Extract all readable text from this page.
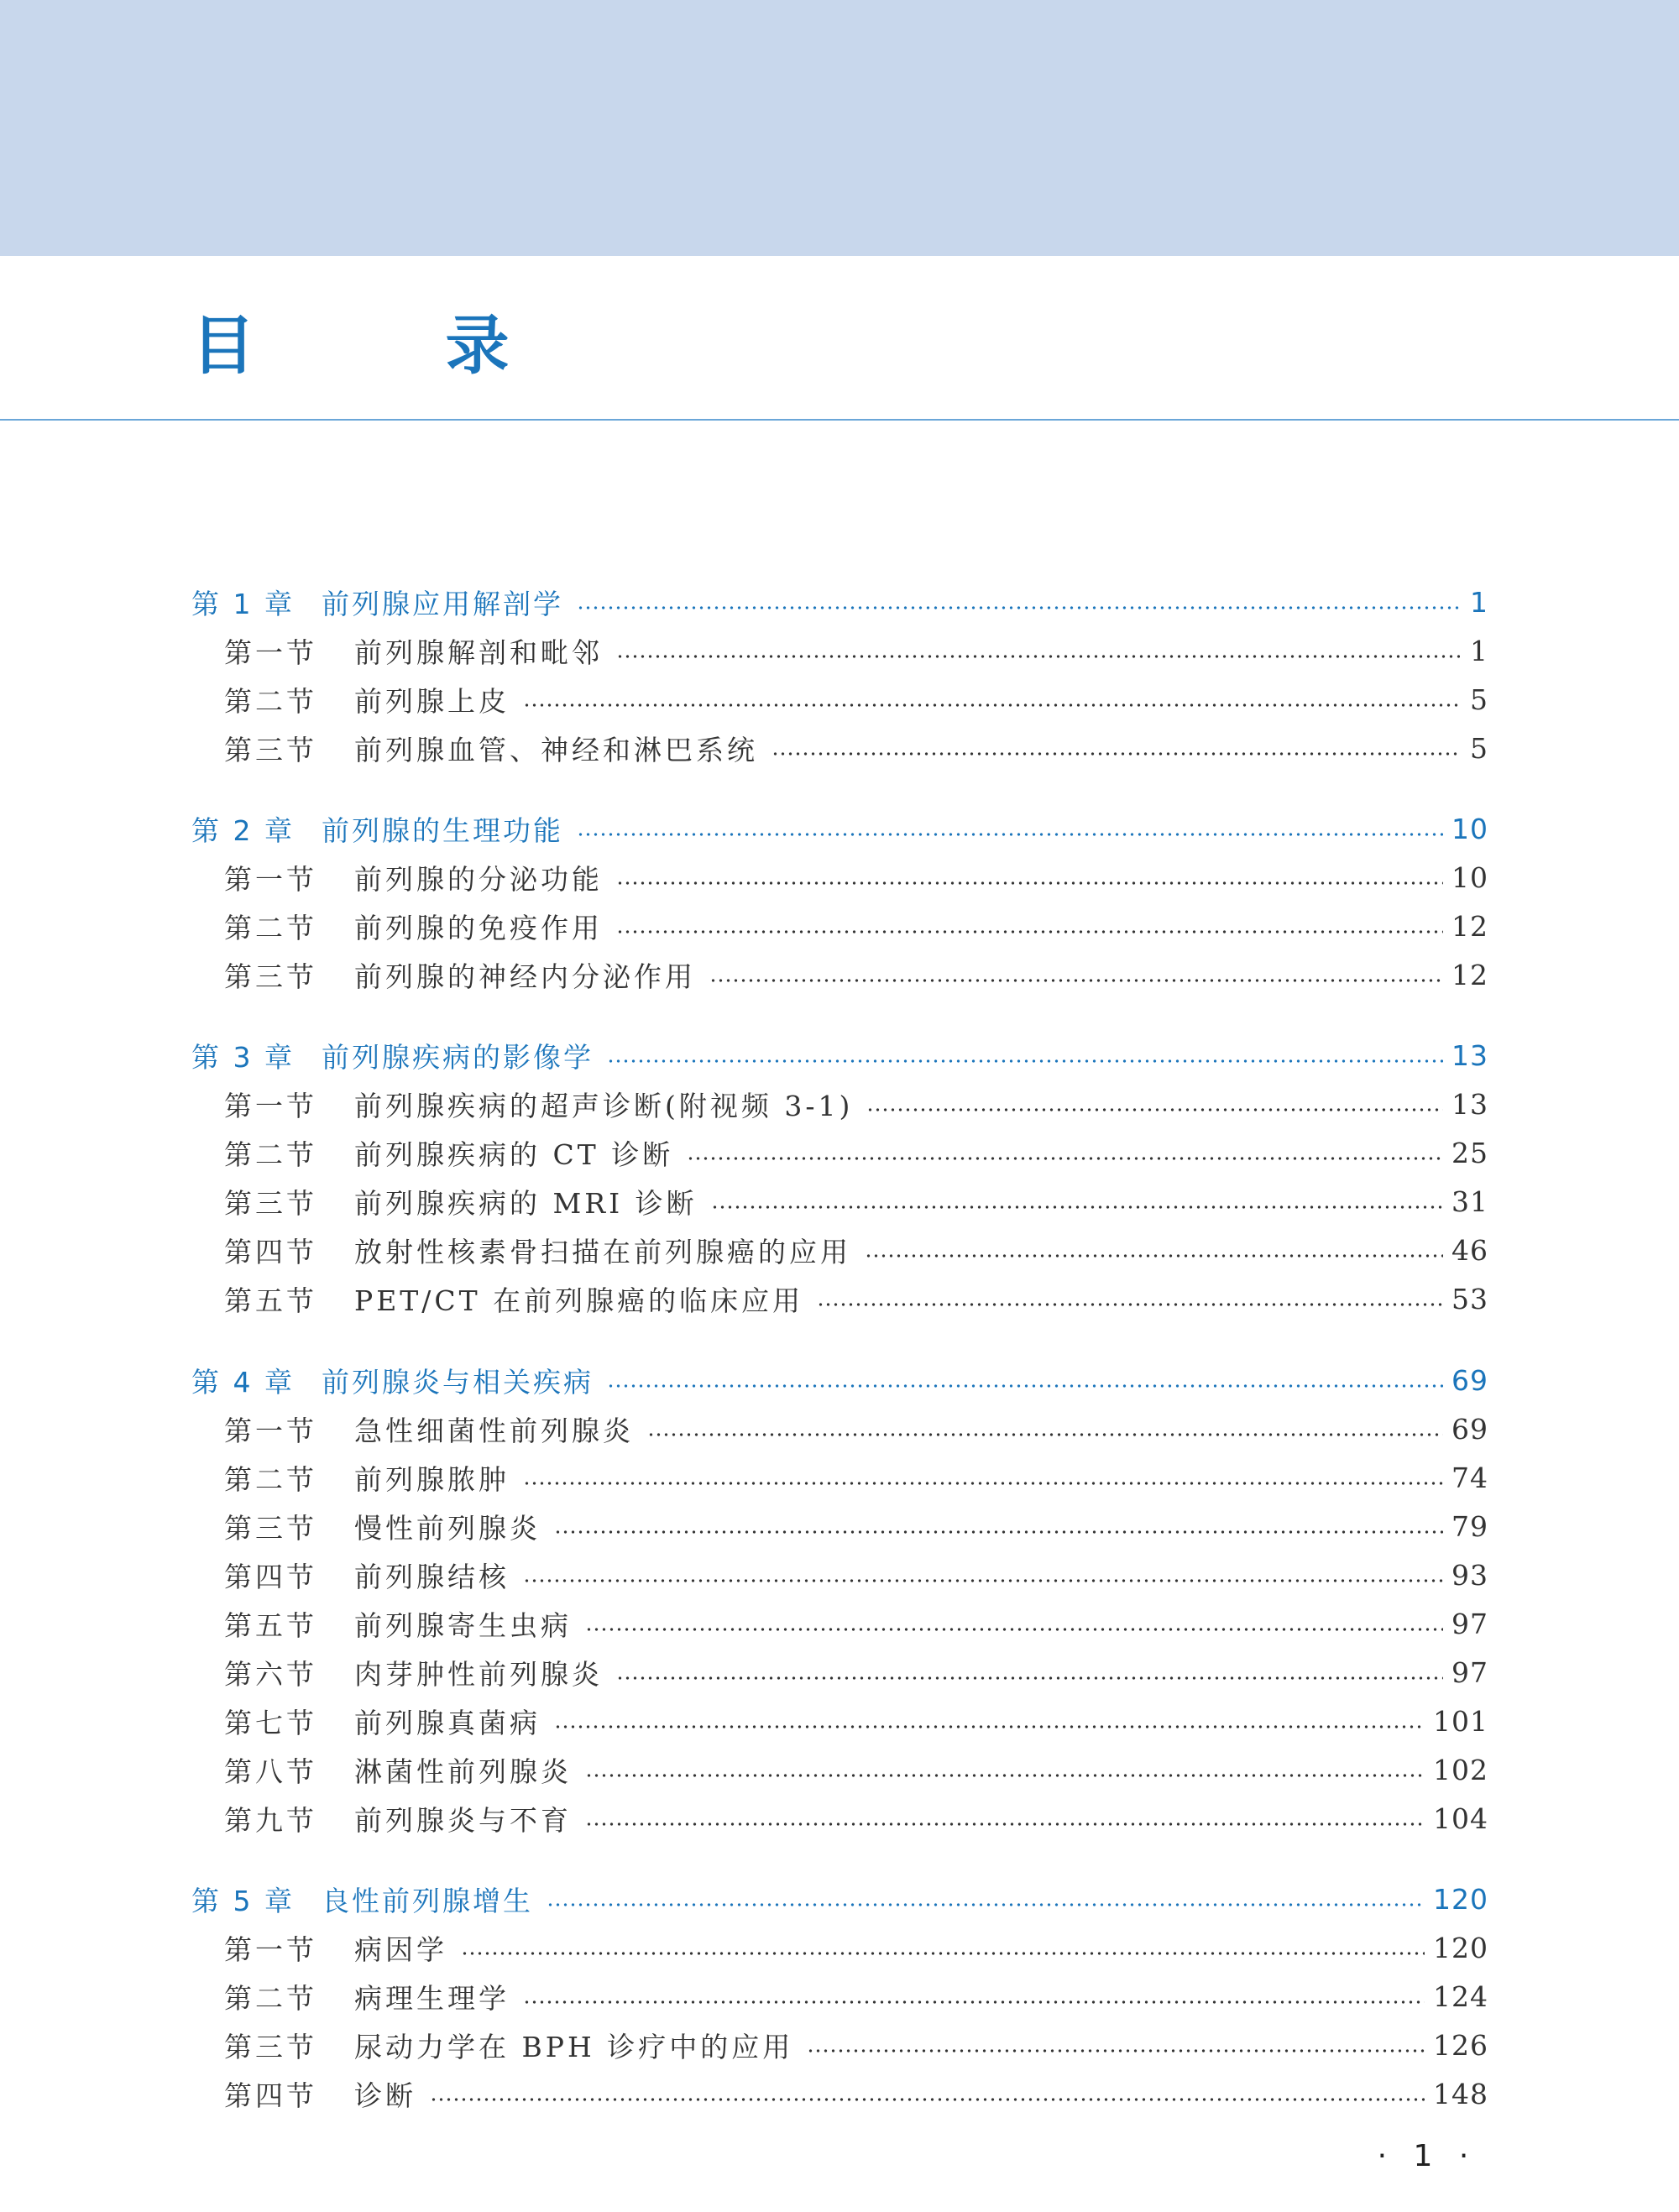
目 录
第 1 章 前列腺应用解剖学	1
第一节	前列腺解剖和毗邻	1
第二节	前列腺上皮	5
第三节	前列腺血管、神经和淋巴系统	5
第 2 章 前列腺的生理功能	10
第一节	前列腺的分泌功能	10
第二节	前列腺的免疫作用	12
第三节	前列腺的神经内分泌作用	12
第 3 章 前列腺疾病的影像学	13
第一节	前列腺疾病的超声诊断(附视频 3-1)	13
第二节	前列腺疾病的 CT 诊断	25
第三节	前列腺疾病的 MRI 诊断	31
第四节	放射性核素骨扫描在前列腺癌的应用	46
第五节	PET/CT 在前列腺癌的临床应用	53
第 4 章 前列腺炎与相关疾病	69
第一节	急性细菌性前列腺炎	69
第二节	前列腺脓肿	74
第三节	慢性前列腺炎	79
第四节	前列腺结核	93
第五节	前列腺寄生虫病	97
第六节	肉芽肿性前列腺炎	97
第七节	前列腺真菌病	101
第八节	淋菌性前列腺炎	102
第九节	前列腺炎与不育	104
第 5 章 良性前列腺增生	120
第一节	病因学	120
第二节	病理生理学	124
第三节	尿动力学在 BPH 诊疗中的应用	126
第四节	诊断	148
· 1 ·
